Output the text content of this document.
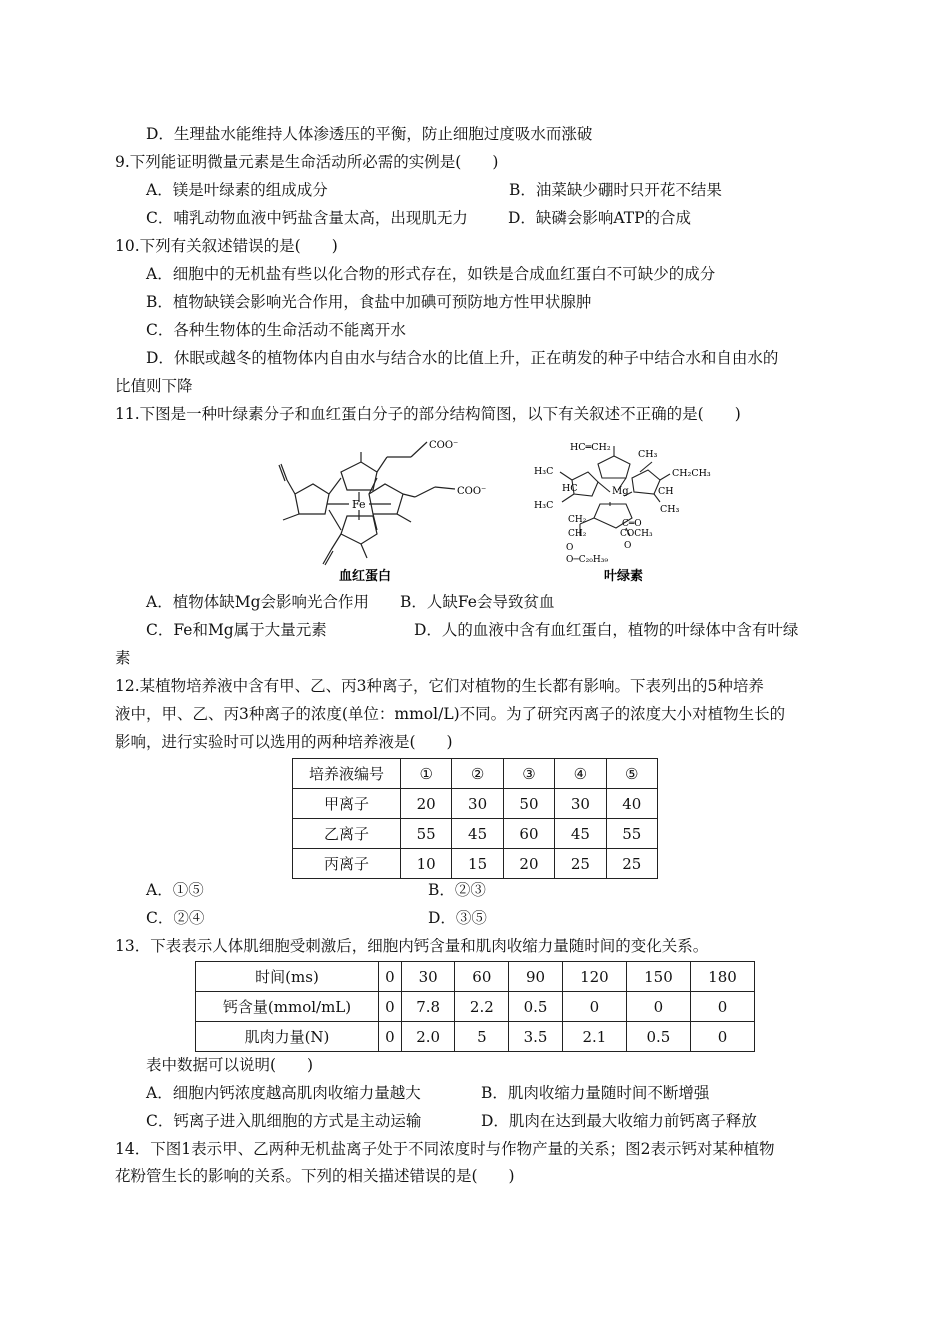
D．生理盐水能维持人体渗透压的平衡，防止细胞过度吸水而涨破
9.下列能证明微量元素是生命活动所必需的实例是(　　)
A．镁是叶绿素的组成成分	B．油菜缺少硼时只开花不结果
C．哺乳动物血液中钙盐含量太高，出现肌无力	D．缺磷会影响ATP的合成
10.下列有关叙述错误的是(　　)
A．细胞中的无机盐有些以化合物的形式存在，如铁是合成血红蛋白不可缺少的成分
B．植物缺镁会影响光合作用，食盐中加碘可预防地方性甲状腺肿
C．各种生物体的生命活动不能离开水
D．休眠或越冬的植物体内自由水与结合水的比值上升，正在萌发的种子中结合水和自由水的
比值则下降
11.下图是一种叶绿素分子和血红蛋白分子的部分结构简图，以下有关叙述不正确的是(　　)
Fe
COO⁻
COO⁻
血红蛋白
HC═CH₂
CH₃
H₃C	CH₂CH₃
HC	Mg	CH
H₃C	CH₃
CH₂	C═O
CH₂	COCH₃
O	O
O─C₂₀H₃₉
叶绿素
A．植物体缺Mg会影响光合作用 B．人缺Fe会导致贫血
C．Fe和Mg属于大量元素	D．人的血液中含有血红蛋白，植物的叶绿体中含有叶绿
素
12.某植物培养液中含有甲、乙、丙3种离子，它们对植物的生长都有影响。下表列出的5种培养
液中，甲、乙、丙3种离子的浓度(单位：mmol/L)不同。为了研究丙离子的浓度大小对植物生长的
影响，进行实验时可以选用的两种培养液是(　　)
培养液编号	①	②	③	④	⑤
甲离子	20	30	50	30	40
乙离子	55	45	60	45	55
丙离子	10	15	20	25	25
A．①⑤	B．②③
C．②④	D．③⑤
13．下表表示人体肌细胞受刺激后，细胞内钙含量和肌肉收缩力量随时间的变化关系。
时间(ms)	0	30	60	90	120	150	180
钙含量(mmol/mL)	0	7.8	2.2	0.5	0	0	0
肌肉力量(N)	0	2.0	5	3.5	2.1	0.5	0
表中数据可以说明(　　)
A．细胞内钙浓度越高肌肉收缩力量越大	B．肌肉收缩力量随时间不断增强
C．钙离子进入肌细胞的方式是主动运输	D．肌肉在达到最大收缩力前钙离子释放
14．下图1表示甲、乙两种无机盐离子处于不同浓度时与作物产量的关系；图2表示钙对某种植物
花粉管生长的影响的关系。下列的相关描述错误的是(　　)
